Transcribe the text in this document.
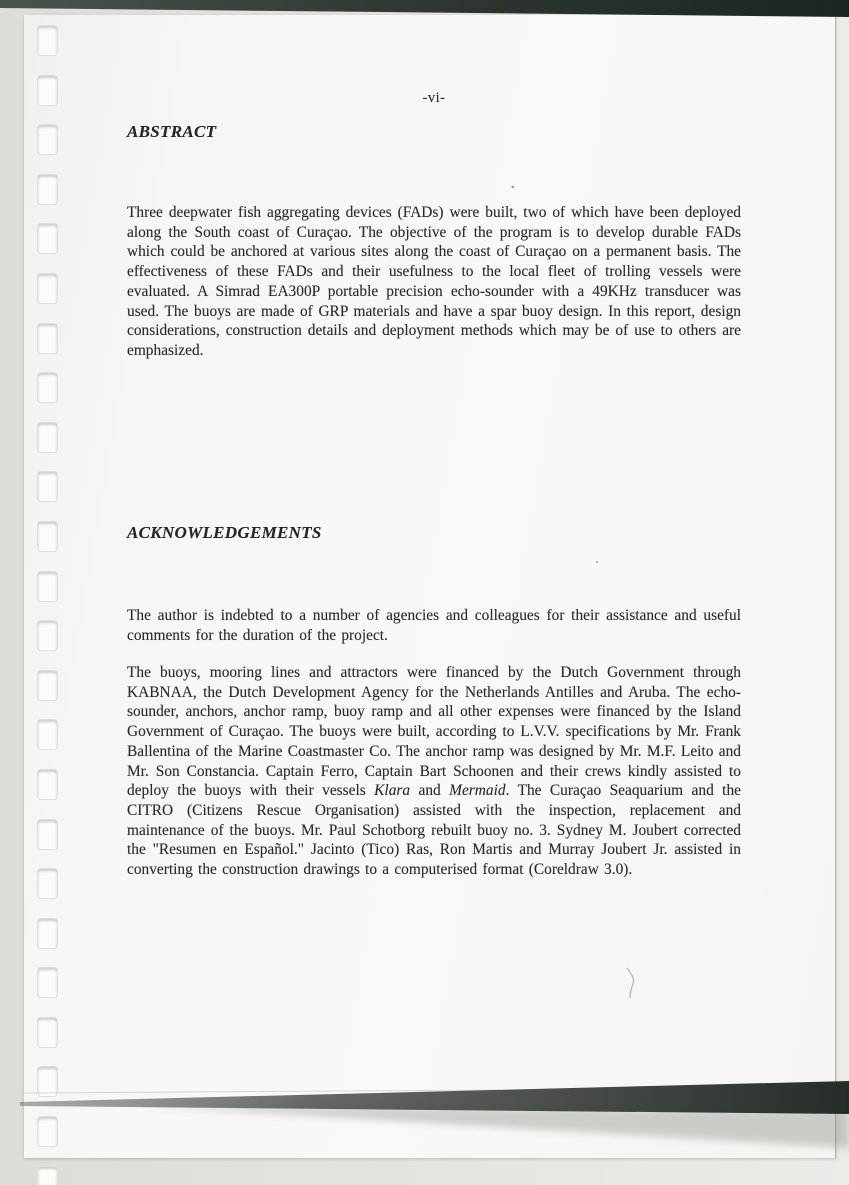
-vi-
ABSTRACT
Three deepwater fish aggregating devices (FADs) were built, two of which have been deployed along the South coast of Curaçao. The objective of the program is to develop durable FADs which could be anchored at various sites along the coast of Curaçao on a permanent basis. The effectiveness of these FADs and their usefulness to the local fleet of trolling vessels were evaluated. A Simrad EA300P portable precision echo-sounder with a 49KHz transducer was used. The buoys are made of GRP materials and have a spar buoy design. In this report, design considerations, construction details and deployment methods which may be of use to others are emphasized.
ACKNOWLEDGEMENTS
The author is indebted to a number of agencies and colleagues for their assistance and useful comments for the duration of the project.
The buoys, mooring lines and attractors were financed by the Dutch Government through KABNAA, the Dutch Development Agency for the Netherlands Antilles and Aruba. The echo-sounder, anchors, anchor ramp, buoy ramp and all other expenses were financed by the Island Government of Curaçao. The buoys were built, according to L.V.V. specifications by Mr. Frank Ballentina of the Marine Coastmaster Co. The anchor ramp was designed by Mr. M.F. Leito and Mr. Son Constancia. Captain Ferro, Captain Bart Schoonen and their crews kindly assisted to deploy the buoys with their vessels Klara and Mermaid. The Curaçao Seaquarium and the CITRO (Citizens Rescue Organisation) assisted with the inspection, replacement and maintenance of the buoys. Mr. Paul Schotborg rebuilt buoy no. 3. Sydney M. Joubert corrected the "Resumen en Español." Jacinto (Tico) Ras, Ron Martis and Murray Joubert Jr. assisted in converting the construction drawings to a computerised format (Coreldraw 3.0).
